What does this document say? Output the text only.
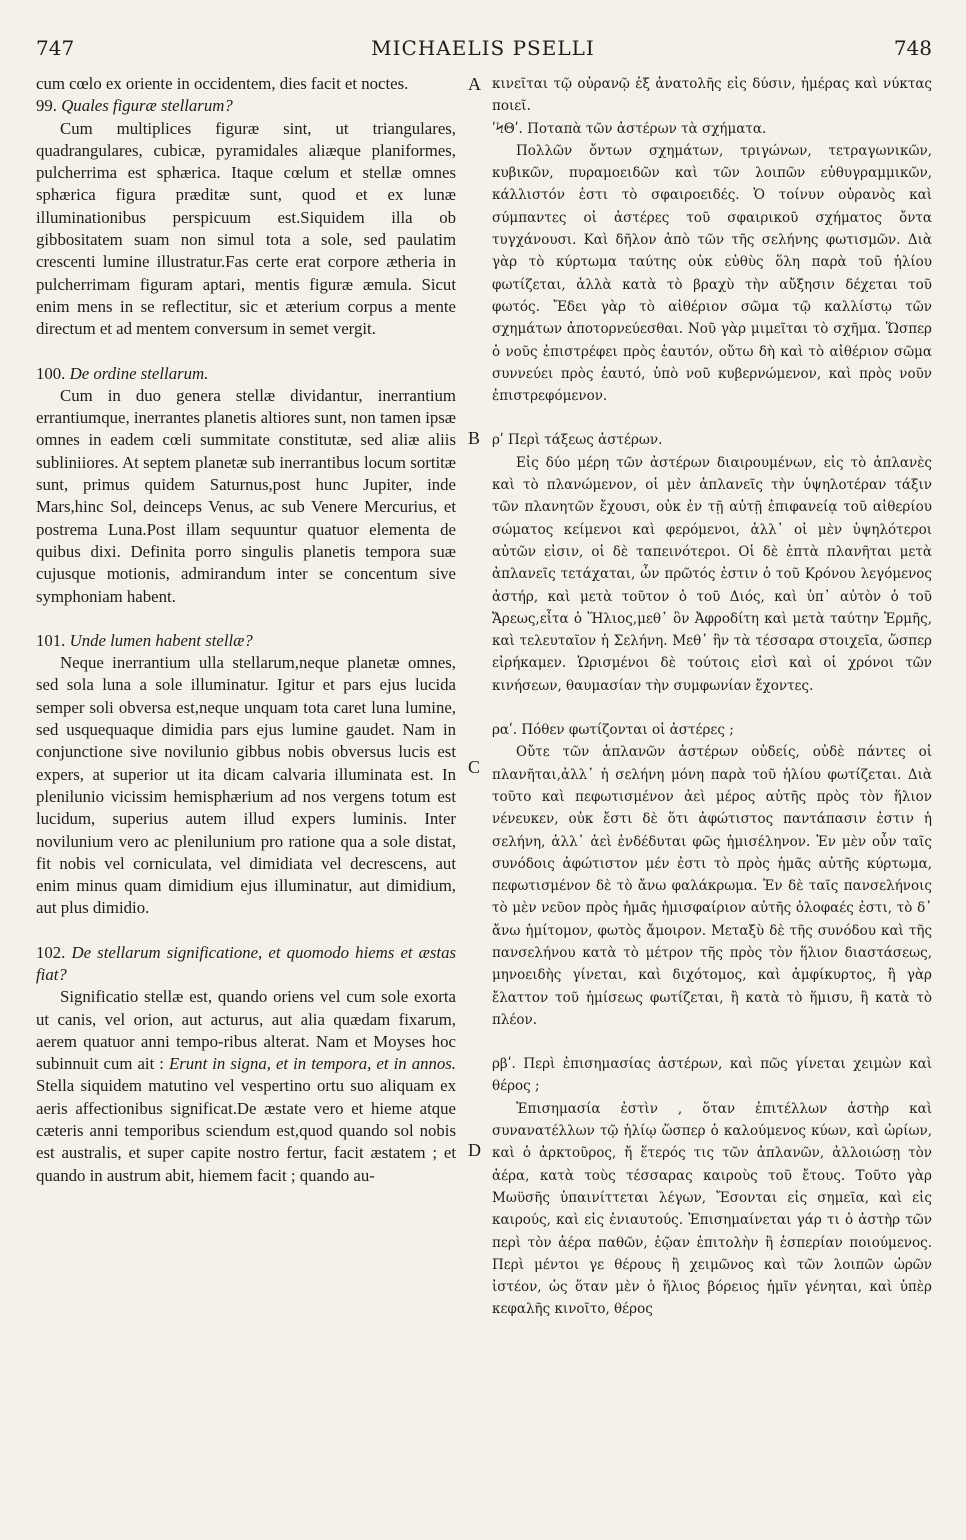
747	MICHAELIS PSELLI	748
A
B
C
D

cum cœlo ex oriente in occidentem, dies facit et noctes.

99. Quales figuræ stellarum?

Cum multiplices figuræ sint, ut triangulares, quadrangulares, cubicæ, pyramidales aliæque planiformes, pulcherrima est sphærica. Itaque cœlum et stellæ omnes sphærica figura præditæ sunt, quod et ex lunæ illuminationibus perspicuum est.Siquidem illa ob gibbositatem suam non simul tota a sole, sed paulatim crescenti lumine illustratur.Fas certe erat corpore ætheria in pulcherrimam figuram aptari, mentis figuræ æmula. Sicut enim mens in se reflectitur, sic et æterium corpus a mente directum et ad mentem conversum in semet vergit.

100. De ordine stellarum.

Cum in duo genera stellæ dividantur, inerrantium errantiumque, inerrantes planetis altiores sunt, non tamen ipsæ omnes in eadem cœli summitate constitutæ, sed aliæ aliis subliniiores. At septem planetæ sub inerrantibus locum sortitæ sunt, primus quidem Saturnus,post hunc Jupiter, inde Mars,hinc Sol, deinceps Venus, ac sub Venere Mercurius, et postrema Luna.Post illam sequuntur quatuor elementa de quibus dixi. Definita porro singulis planetis tempora suæ cujusque motionis, admirandum inter se concentum sive symphoniam habent.

101. Unde lumen habent stellæ?

Neque inerrantium ulla stellarum,neque planetæ omnes, sed sola luna a sole illuminatur. Igitur et pars ejus lucida semper soli obversa est,neque unquam tota caret luna lumine, sed usquequaque dimidia pars ejus lumine gaudet. Nam in conjunctione sive novilunio gibbus nobis obversus lucis est expers, at superior ut ita dicam calvaria illuminata est. In plenilunio vicissim hemisphærium ad nos vergens totum est lucidum, superius autem illud expers luminis. Inter novilunium vero ac plenilunium pro ratione qua a sole distat, fit nobis vel corniculata, vel dimidiata vel decrescens, aut enim minus quam dimidium ejus illuminatur, aut dimidium, aut plus dimidio.

102. De stellarum significatione, et quomodo hiems et æstas fiat?

Significatio stellæ est, quando oriens vel cum sole exorta ut canis, vel orion, aut acturus, aut alia quædam fixarum, aerem quatuor anni tempo-ribus alterat. Nam et Moyses hoc subinnuit cum ait : Erunt in signa, et in tempora, et in annos. Stella siquidem matutino vel vespertino ortu suo aliquam ex aeris affectionibus significat.De æstate vero et hieme atque cæteris anni temporibus sciendum est,quod quando sol nobis est australis, et super capite nostro fertur, facit æstatem ; et quando in austrum abit, hiemem facit ; quando au-

κινεῖται τῷ οὐρανῷ ἐξ ἀνατολῆς εἰς δύσιν, ἡμέρας καὶ νύκτας ποιεῖ.

ʹϞΘʹ. Ποταπὰ τῶν ἀστέρων τὰ σχήματα.

Πολλῶν ὄντων σχημάτων, τριγώνων, τετραγωνικῶν, κυβικῶν, πυραμοειδῶν καὶ τῶν λοιπῶν εὐθυγραμμικῶν, κάλλιστόν ἐστι τὸ σφαιροειδές. Ὁ τοίνυν οὐρανὸς καὶ σύμπαντες οἱ ἀστέρες τοῦ σφαιρικοῦ σχήματος ὄντα τυγχάνουσι. Καὶ δῆλον ἀπὸ τῶν τῆς σελήνης φωτισμῶν. Διὰ γὰρ τὸ κύρτωμα ταύτης οὐκ εὐθὺς ὅλη παρὰ τοῦ ἡλίου φωτίζεται, ἀλλὰ κατὰ τὸ βραχὺ τὴν αὔξησιν δέχεται τοῦ φωτός. Ἔδει γὰρ τὸ αἰθέριον σῶμα τῷ καλλίστῳ τῶν σχημάτων ἀποτορνεύεσθαι. Νοῦ γὰρ μιμεῖται τὸ σχῆμα. Ὥσπερ ὁ νοῦς ἐπιστρέφει πρὸς ἑαυτόν, οὕτω δὴ καὶ τὸ αἰθέριον σῶμα συννεύει πρὸς ἑαυτό, ὑπὸ νοῦ κυβερνώμενον, καὶ πρὸς νοῦν ἐπιστρεφόμενον.

ρʹ Περὶ τάξεως ἀστέρων.

Εἰς δύο μέρη τῶν ἀστέρων διαιρουμένων, εἰς τὸ ἀπλανὲς καὶ τὸ πλανώμενον, οἱ μὲν ἀπλανεῖς τὴν ὑψηλοτέραν τάξιν τῶν πλανητῶν ἔχουσι, οὐκ ἐν τῇ αὐτῇ ἐπιφανείᾳ τοῦ αἰθερίου σώματος κείμενοι καὶ φερόμενοι, ἀλλ᾽ οἱ μὲν ὑψηλότεροι αὐτῶν εἰσιν, οἱ δὲ ταπεινότεροι. Οἱ δὲ ἑπτὰ πλανῆται μετὰ ἀπλανεῖς τετάχαται, ὧν πρῶτός ἐστιν ὁ τοῦ Κρόνου λεγόμενος ἀστήρ, καὶ μετὰ τοῦτον ὁ τοῦ Διός, καὶ ὑπ᾽ αὐτὸν ὁ τοῦ Ἄρεως,εἶτα ὁ Ἥλιος,μεθ᾽ ὃν Ἀφροδίτη καὶ μετὰ ταύτην Ἑρμῆς, καὶ τελευταῖον ἡ Σελήνη. Μεθ᾽ ἣν τὰ τέσσαρα στοιχεῖα, ὥσπερ εἰρήκαμεν. Ὡρισμένοι δὲ τούτοις εἰσὶ καὶ οἱ χρόνοι τῶν κινήσεων, θαυμασίαν τὴν συμφωνίαν ἔχοντες.

ραʹ. Πόθεν φωτίζονται οἱ ἀστέρες ;

Οὔτε τῶν ἀπλανῶν ἀστέρων οὐδείς, οὐδὲ πάντες οἱ πλανῆται,ἀλλ᾽ ἡ σελήνη μόνη παρὰ τοῦ ἡλίου φωτίζεται. Διὰ τοῦτο καὶ πεφωτισμένον ἀεὶ μέρος αὐτῆς πρὸς τὸν ἥλιον νένευκεν, οὐκ ἔστι δὲ ὅτι ἀφώτιστος παντάπασιν ἐστιν ἡ σελήνη, ἀλλ᾽ ἀεὶ ἐνδέδυται φῶς ἡμισέληνον. Ἐν μὲν οὖν ταῖς συνόδοις ἀφώτιστον μέν ἐστι τὸ πρὸς ἡμᾶς αὐτῆς κύρτωμα, πεφωτισμένον δὲ τὸ ἄνω φαλάκρωμα. Ἐν δὲ ταῖς πανσελήνοις τὸ μὲν νεῦον πρὸς ἡμᾶς ἡμισφαίριον αὐτῆς ὁλοφαές ἐστι, τὸ δ᾽ ἄνω ἡμίτομον, φωτὸς ἄμοιρον. Μεταξὺ δὲ τῆς συνόδου καὶ τῆς πανσελήνου κατὰ τὸ μέτρον τῆς πρὸς τὸν ἥλιον διαστάσεως, μηνοειδὴς γίνεται, καὶ διχότομος, καὶ ἀμφίκυρτος, ἢ γὰρ ἔλαττον τοῦ ἡμίσεως φωτίζεται, ἢ κατὰ τὸ ἥμισυ, ἢ κατὰ τὸ πλέον.

ρβʹ. Περὶ ἐπισημασίας ἀστέρων, καὶ πῶς γίνεται χειμὼν καὶ θέρος ;

Ἐπισημασία ἐστὶν , ὅταν ἐπιτέλλων ἀστὴρ καὶ συνανατέλλων τῷ ἡλίῳ ὥσπερ ὁ καλούμενος κύων, καὶ ὠρίων, καὶ ὁ ἀρκτοῦρος, ἤ ἕτερός τις τῶν ἀπλανῶν, ἀλλοιώσῃ τὸν ἀέρα, κατὰ τοὺς τέσσαρας καιροὺς τοῦ ἔτους. Τοῦτο γὰρ Μωϋσῆς ὑπαινίττεται λέγων, Ἔσονται εἰς σημεῖα, καὶ εἰς καιρούς, καὶ εἰς ἐνιαυτούς. Ἐπισημαίνεται γάρ τι ὁ ἀστὴρ τῶν περὶ τὸν ἀέρα παθῶν, ἑῷαν ἐπιτολὴν ἢ ἑσπερίαν ποιούμενος. Περὶ μέντοι γε θέρους ἢ χειμῶνος καὶ τῶν λοιπῶν ὡρῶν ἰστέον, ὡς ὅταν μὲν ὁ ἥλιος βόρειος ἡμῖν γένηται, καὶ ὑπὲρ κεφαλῆς κινοῖτο, θέρος
